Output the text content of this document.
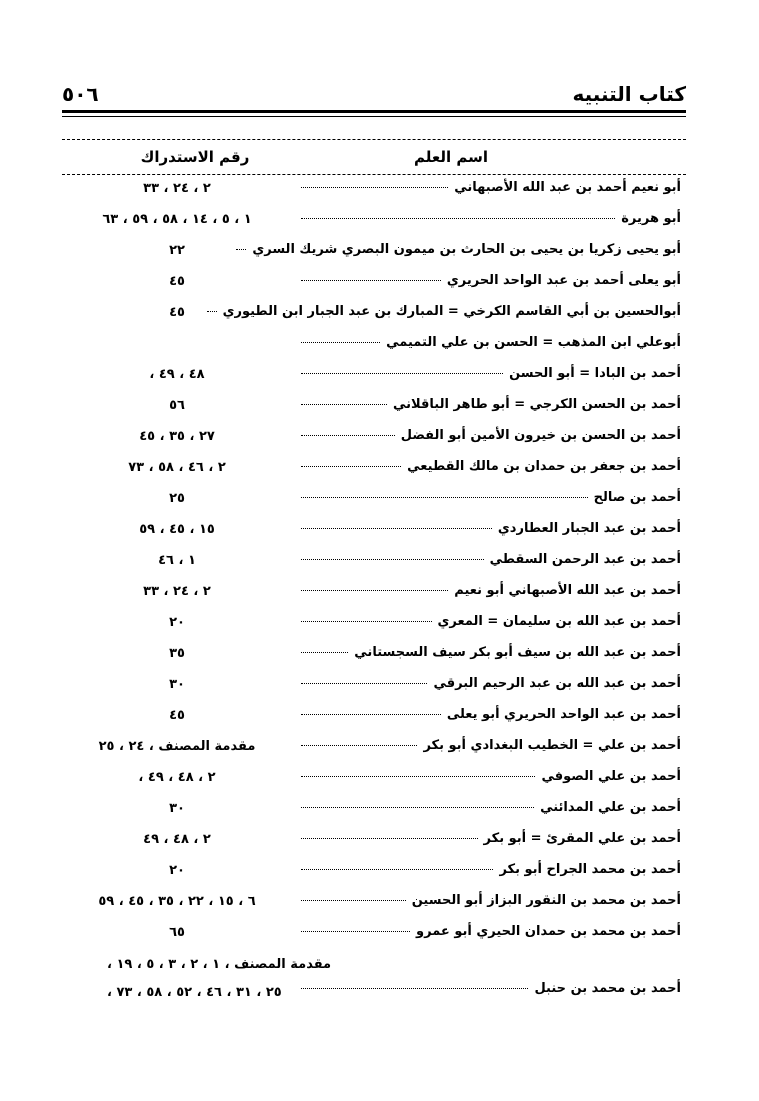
٥٠٦	كتاب التنبيه
اسم العلم
رقم الاستدراك
أبو نعيم أحمد بن عبد الله الأصبهاني
٢ ، ٢٤ ، ٣٣
أبو هريرة
١ ، ٥ ، ١٤ ، ٥٨ ، ٥٩ ، ٦٣
أبو يحيى زكريا بن يحيى بن الحارث بن ميمون البصري شريك السري
٢٢
أبو يعلى أحمد بن عبد الواحد الحريري
٤٥
أبوالحسين بن أبي القاسم الكرخي = المبارك بن عبد الجبار ابن الطيوري
٤٥
أبوعلي ابن المذهب = الحسن بن علي التميمي
أحمد بن البادا = أبو الحسن
٤٨ ، ٤٩ ،
أحمد بن الحسن الكرجي = أبو طاهر الباقلاني
٥٦
أحمد بن الحسن بن خيرون الأمين أبو الفضل
٢٧ ، ٣٥ ، ٤٥
أحمد بن جعفر بن حمدان بن مالك القطيعي
٢ ، ٤٦ ، ٥٨ ، ٧٣
أحمد بن صالح
٢٥
أحمد بن عبد الجبار العطاردي
١٥ ، ٤٥ ، ٥٩
أحمد بن عبد الرحمن السقطي
١ ، ٤٦
أحمد بن عبد الله الأصبهاني أبو نعيم
٢ ، ٢٤ ، ٣٣
أحمد بن عبد الله بن سليمان = المعري
٢٠
أحمد بن عبد الله بن سيف أبو بكر سيف السجستاني
٣٥
أحمد بن عبد الله بن عبد الرحيم البرقي
٣٠
أحمد بن عبد الواحد الحريري أبو يعلى
٤٥
أحمد بن علي = الخطيب البغدادي أبو بكر
مقدمة المصنف ، ٢٤ ، ٢٥
أحمد بن علي الصوفي
٢ ، ٤٨ ، ٤٩ ،
أحمد بن علي المدائني
٣٠
أحمد بن علي المقرئ = أبو بكر
٢ ، ٤٨ ، ٤٩
أحمد بن محمد الجراح أبو بكر
٢٠
أحمد بن محمد بن النقور البزاز أبو الحسين
٦ ، ١٥ ، ٢٢ ، ٣٥ ، ٤٥ ، ٥٩
أحمد بن محمد بن حمدان الحيري أبو عمرو
٦٥
أحمد بن محمد بن حنبل
مقدمة المصنف ، ١ ، ٢ ، ٣ ، ٥ ، ١٩ ،
٢٥ ، ٣١ ، ٤٦ ، ٥٢ ، ٥٨ ، ٧٣ ،
